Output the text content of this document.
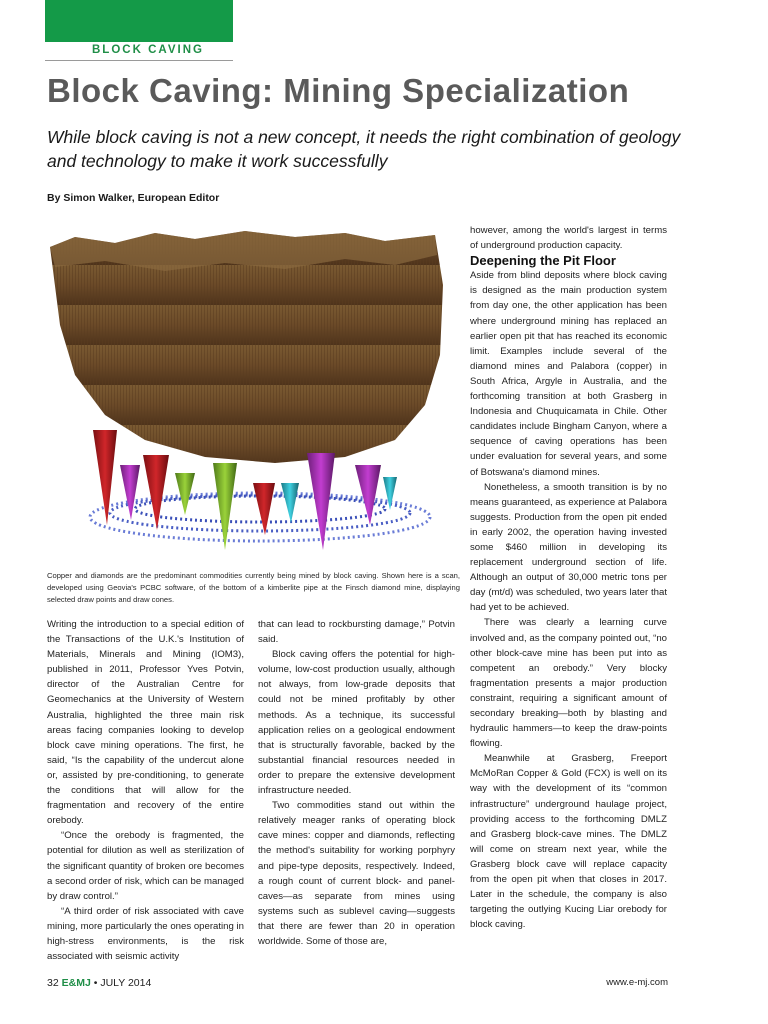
BLOCK CAVING
Block Caving: Mining Specialization

While block caving is not a new concept, it needs the right combination of geology and technology to make it work successfully

By Simon Walker, European Editor

Copper and diamonds are the predominant commodities currently being mined by block caving. Shown here is a scan, developed using Geovia's PCBC software, of the bottom of a kimberlite pipe at the Finsch diamond mine, displaying selected draw points and draw cones.

Writing the introduction to a special edition of the Transactions of the U.K.'s Institution of Materials, Minerals and Mining (IOM3), published in 2011, Professor Yves Potvin, director of the Australian Centre for Geomechanics at the University of Western Australia, highlighted the three main risk areas facing companies looking to develop block cave mining operations. The first, he said, “Is the capability of the undercut alone or, assisted by pre-conditioning, to generate the conditions that will allow for the fragmentation and recovery of the entire orebody.

“Once the orebody is fragmented, the potential for dilution as well as sterilization of the significant quantity of broken ore becomes a second order of risk, which can be managed by draw control.”

“A third order of risk associated with cave mining, more particularly the ones operating in high-stress environments, is the risk associated with seismic activity

that can lead to rockbursting damage,” Potvin said.

Block caving offers the potential for high-volume, low-cost production usually, although not always, from low-grade deposits that could not be mined profitably by other methods. As a technique, its successful application relies on a geological endowment that is structurally favorable, backed by the substantial financial resources needed in order to prepare the extensive development infrastructure needed.

Two commodities stand out within the relatively meager ranks of operating block cave mines: copper and diamonds, reflecting the method's suitability for working porphyry and pipe-type deposits, respectively. Indeed, a rough count of current block- and panel-caves—as separate from mines using systems such as sublevel caving—suggests that there are fewer than 20 in operation worldwide. Some of those are,

however, among the world's largest in terms of underground production capacity.

Deepening the Pit Floor

Aside from blind deposits where block caving is designed as the main production system from day one, the other application has been where underground mining has replaced an earlier open pit that has reached its economic limit. Examples include several of the diamond mines and Palabora (copper) in South Africa, Argyle in Australia, and the forthcoming transition at both Grasberg in Indonesia and Chuquicamata in Chile. Other candidates include Bingham Canyon, where a sequence of caving operations has been under evaluation for several years, and some of Botswana's diamond mines.

Nonetheless, a smooth transition is by no means guaranteed, as experience at Palabora suggests. Production from the open pit ended in early 2002, the operation having invested some $460 million in developing its replacement underground section of life. Although an output of 30,000 metric tons per day (mt/d) was scheduled, two years later that had yet to be achieved.

There was clearly a learning curve involved and, as the company pointed out, “no other block-cave mine has been put into as competent an orebody.” Very blocky fragmentation presents a major production constraint, requiring a significant amount of secondary breaking—both by blasting and hydraulic hammers—to keep the draw-points flowing.

Meanwhile at Grasberg, Freeport McMoRan Copper & Gold (FCX) is well on its way with the development of its “common infrastructure” underground haulage project, providing access to the forthcoming DMLZ and Grasberg block-cave mines. The DMLZ will come on stream next year, while the Grasberg block cave will replace capacity from the open pit when that closes in 2017. Later in the schedule, the company is also targeting the outlying Kucing Liar orebody for block caving.

32 E&MJ • JULY 2014	www.e-mj.com
